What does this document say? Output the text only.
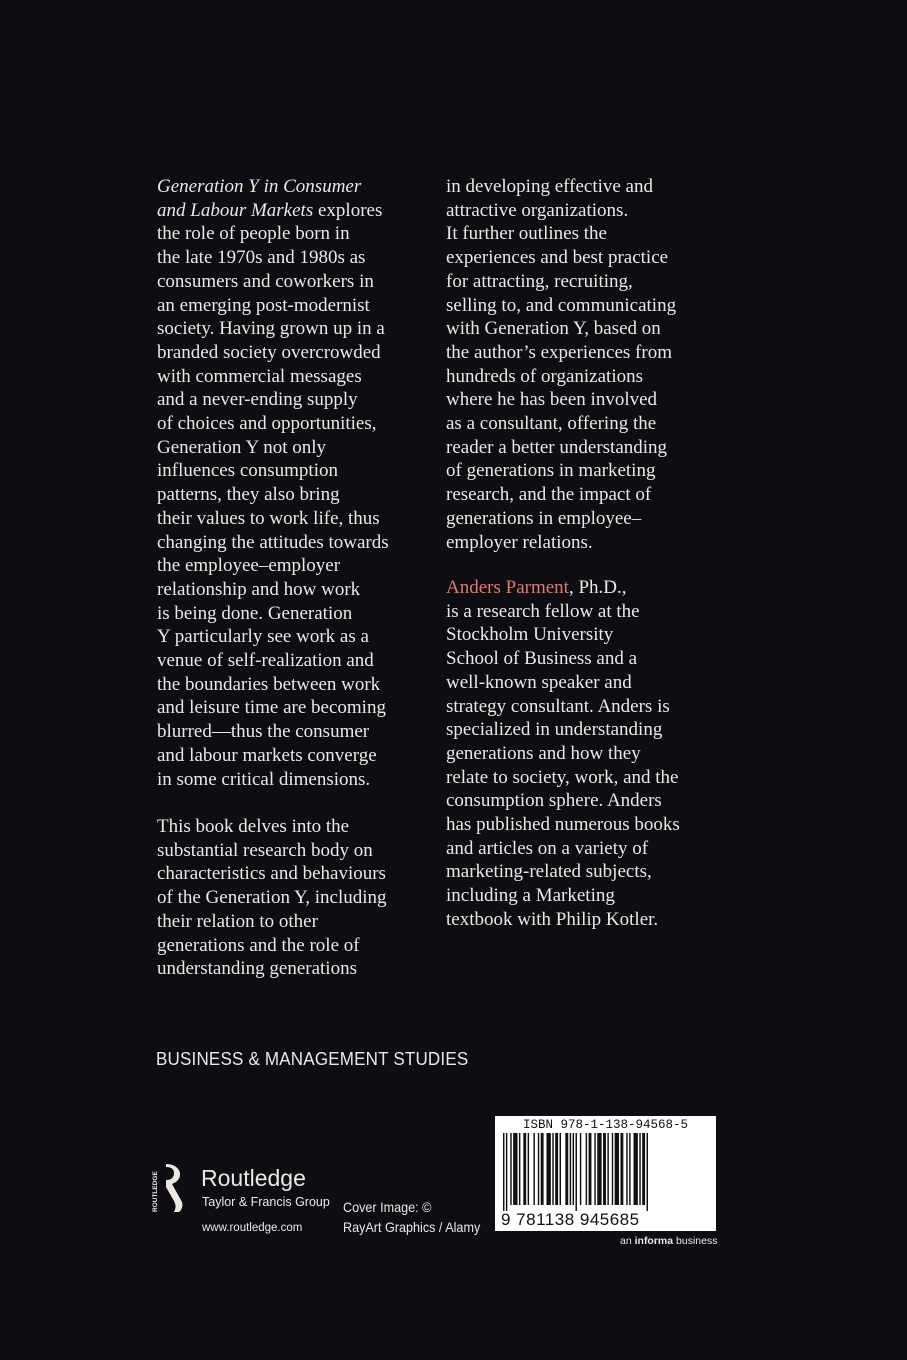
Generation Y in Consumer
and Labour Markets explores
the role of people born in
the late 1970s and 1980s as
consumers and coworkers in
an emerging post-modernist
society. Having grown up in a
branded society overcrowded
with commercial messages
and a never-ending supply
of choices and opportunities,
Generation Y not only
influences consumption
patterns, they also bring
their values to work life, thus
changing the attitudes towards
the employee–employer
relationship and how work
is being done. Generation
Y particularly see work as a
venue of self-realization and
the boundaries between work
and leisure time are becoming
blurred—thus the consumer
and labour markets converge
in some critical dimensions.

This book delves into the
substantial research body on
characteristics and behaviours
of the Generation Y, including
their relation to other
generations and the role of
understanding generations
in developing effective and
attractive organizations.
It further outlines the
experiences and best practice
for attracting, recruiting,
selling to, and communicating
with Generation Y, based on
the author’s experiences from
hundreds of organizations
where he has been involved
as a consultant, offering the
reader a better understanding
of generations in marketing
research, and the impact of
generations in employee–
employer relations.
Anders Parment, Ph.D.,
is a research fellow at the
Stockholm University
School of Business and a
well-known speaker and
strategy consultant. Anders is
specialized in understanding
generations and how they
relate to society, work, and the
consumption sphere. Anders
has published numerous books
and articles on a variety of
marketing-related subjects,
including a Marketing
textbook with Philip Kotler.
BUSINESS & MANAGEMENT STUDIES
ROUTLEDGE Routledge
Taylor & Francis Group
www.routledge.com
Cover Image: ©
RayArt Graphics / Alamy
ISBN 978-1-138-94568-5
9 781138 945685
an informa business
